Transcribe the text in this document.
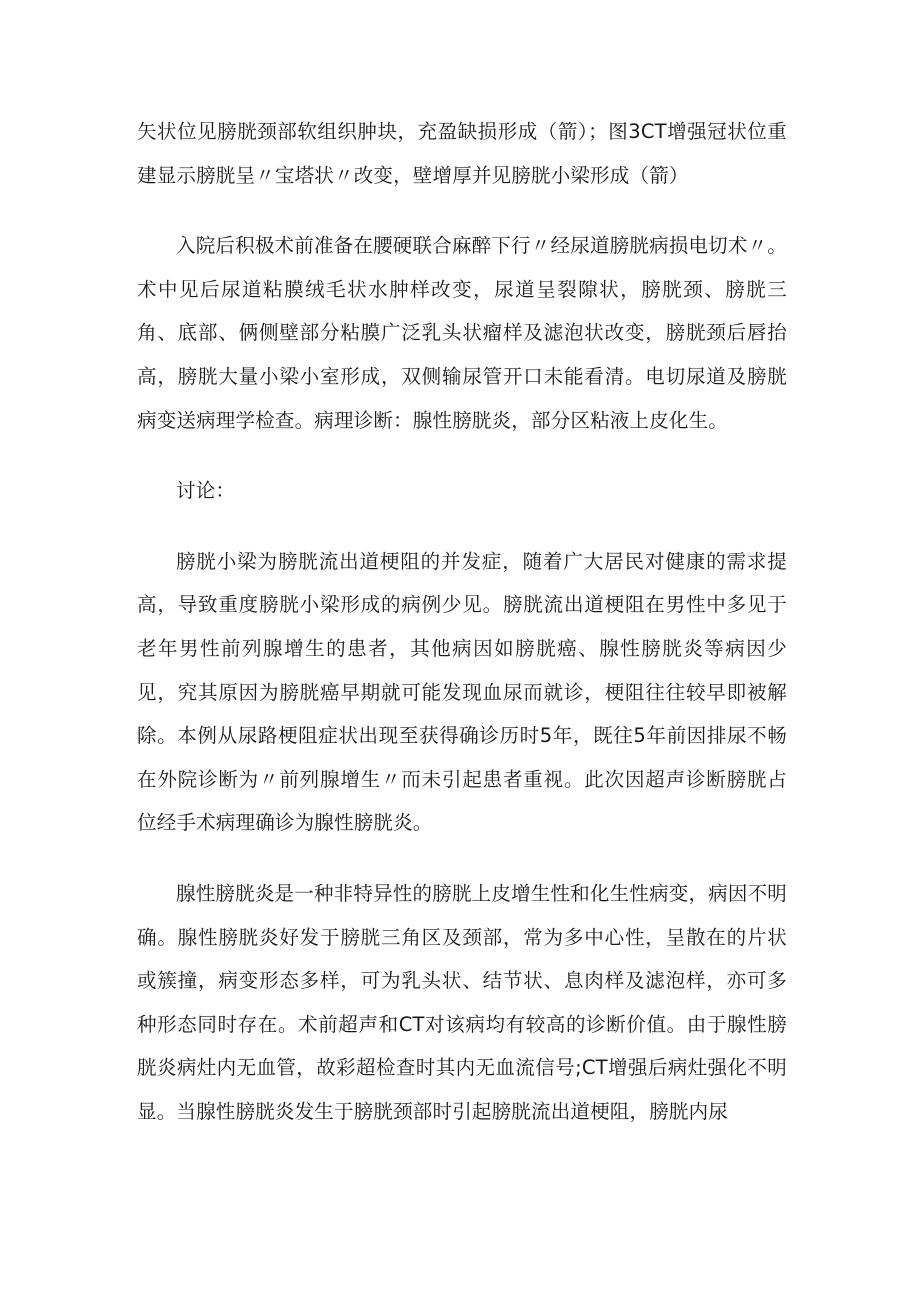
矢状位见膀胱颈部软组织肿块，充盈缺损形成（箭）；图3CT增强冠状位重建显示膀胱呈〃宝塔状〃改变，壁增厚并见膀胱小梁形成（箭）

入院后积极术前准备在腰硬联合麻醉下行〃经尿道膀胱病损电切术〃。术中见后尿道粘膜绒毛状水肿样改变，尿道呈裂隙状，膀胱颈、膀胱三角、底部、俩侧壁部分粘膜广泛乳头状瘤样及滤泡状改变，膀胱颈后唇抬高，膀胱大量小梁小室形成，双侧输尿管开口未能看清。电切尿道及膀胱病变送病理学检查。病理诊断：腺性膀胱炎，部分区粘液上皮化生。

讨论：

膀胱小梁为膀胱流出道梗阻的并发症，随着广大居民对健康的需求提高，导致重度膀胱小梁形成的病例少见。膀胱流出道梗阻在男性中多见于老年男性前列腺增生的患者，其他病因如膀胱癌、腺性膀胱炎等病因少见，究其原因为膀胱癌早期就可能发现血尿而就诊，梗阻往往较早即被解除。本例从尿路梗阻症状出现至获得确诊历时5年，既往5年前因排尿不畅在外院诊断为〃前列腺增生〃而未引起患者重视。此次因超声诊断膀胱占位经手术病理确诊为腺性膀胱炎。

腺性膀胱炎是一种非特异性的膀胱上皮增生性和化生性病变，病因不明确。腺性膀胱炎好发于膀胱三角区及颈部，常为多中心性，呈散在的片状或簇撞，病变形态多样，可为乳头状、结节状、息肉样及滤泡样，亦可多种形态同时存在。术前超声和CT对该病均有较高的诊断价值。由于腺性膀胱炎病灶内无血管，故彩超检查时其内无血流信号;CT增强后病灶强化不明显。当腺性膀胱炎发生于膀胱颈部时引起膀胱流出道梗阻，膀胱内尿
